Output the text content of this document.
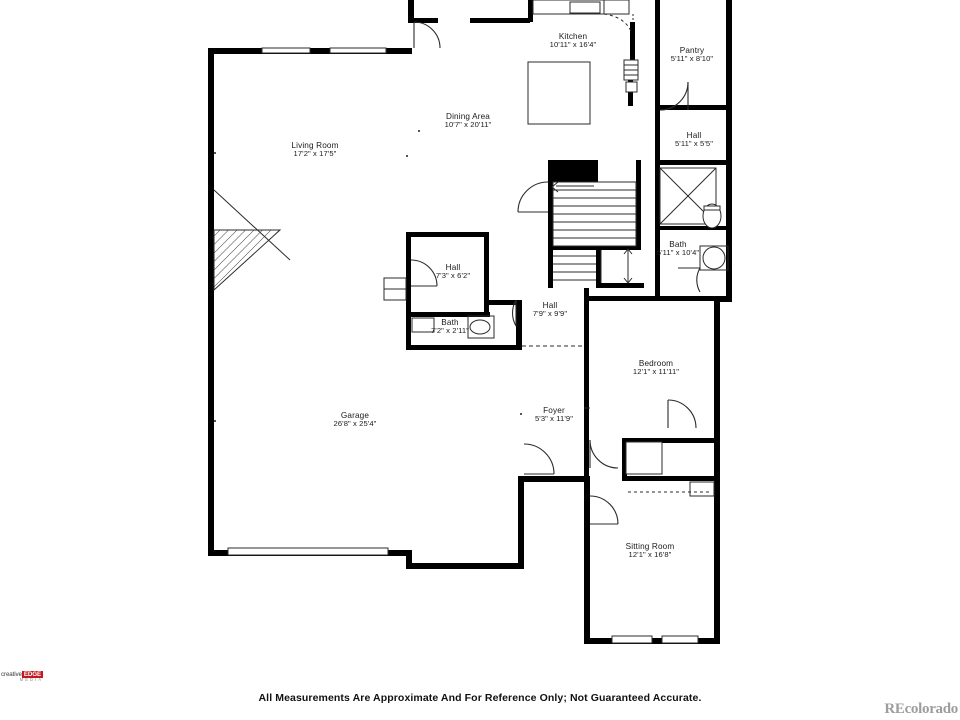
Kitchen
10'11" x 16'4"
Pantry
5'11" x 8'10"
Dining Area
10'7" x 20'11"
Hall
5'11" x 5'5"
Living Room
17'2" x 17'5"
Bath
5'11" x 10'4"
Hall
7'3" x 6'2"
Hall
7'9" x 9'9"
Bath
7'2" x 2'11"
Bedroom
12'1" x 11'11"
Garage
26'8" x 25'4"
Foyer
5'3" x 11'9"
Sitting Room
12'1" x 16'8"
creative EDGE
MEDIA
All Measurements Are Approximate And For Reference Only; Not Guaranteed Accurate.
REcolorado
